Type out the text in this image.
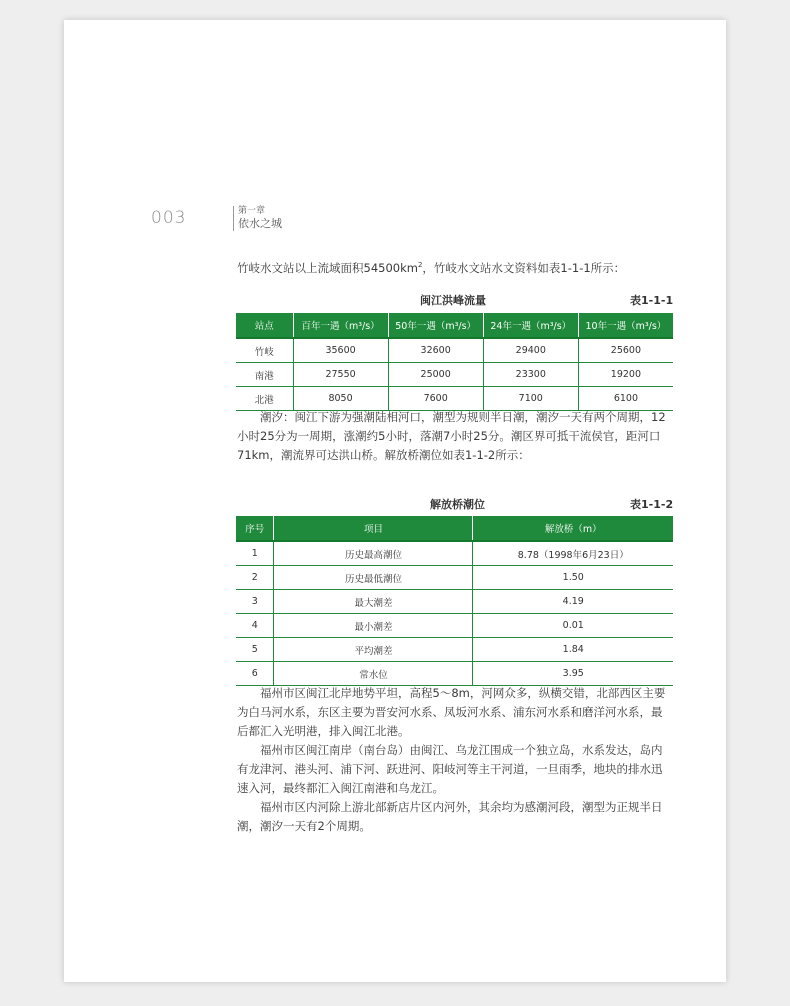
003	第一章
依水之城
竹岐水文站以上流域面积$54500km^2$，竹岐水文站水文资料如表1-1-1所示：
闽江洪峰流量	表1-1-1
站点	百年一遇（m³/s）	50年一遇（m³/s）	24年一遇（m³/s）	10年一遇（m³/s）
竹岐	35600	32600	29400	25600
南港	27550	25000	23300	19200
北港	8050	7600	7100	6100
潮汐：闽江下游为强潮陆相河口，潮型为规则半日潮，潮汐一天有两个周期，12小时25分为一周期，涨潮约5小时，落潮7小时25分。潮区界可抵干流侯官，距河口71km，潮流界可达洪山桥。解放桥潮位如表1-1-2所示：
解放桥潮位	表1-1-2
序号	项目	解放桥（m）
1	历史最高潮位	8.78（1998年6月23日）
2	历史最低潮位	1.50
3	最大潮差	4.19
4	最小潮差	0.01
5	平均潮差	1.84
6	常水位	3.95
福州市区闽江北岸地势平坦，高程5～8m，河网众多，纵横交错，北部西区主要为白马河水系，东区主要为晋安河水系、凤坂河水系、浦东河水系和磨洋河水系，最后都汇入光明港，排入闽江北港。
福州市区闽江南岸（南台岛）由闽江、乌龙江围成一个独立岛，水系发达，岛内有龙津河、港头河、浦下河、跃进河、阳岐河等主干河道，一旦雨季，地块的排水迅速入河，最终都汇入闽江南港和乌龙江。
福州市区内河除上游北部新店片区内河外，其余均为感潮河段，潮型为正规半日潮，潮汐一天有2个周期。
